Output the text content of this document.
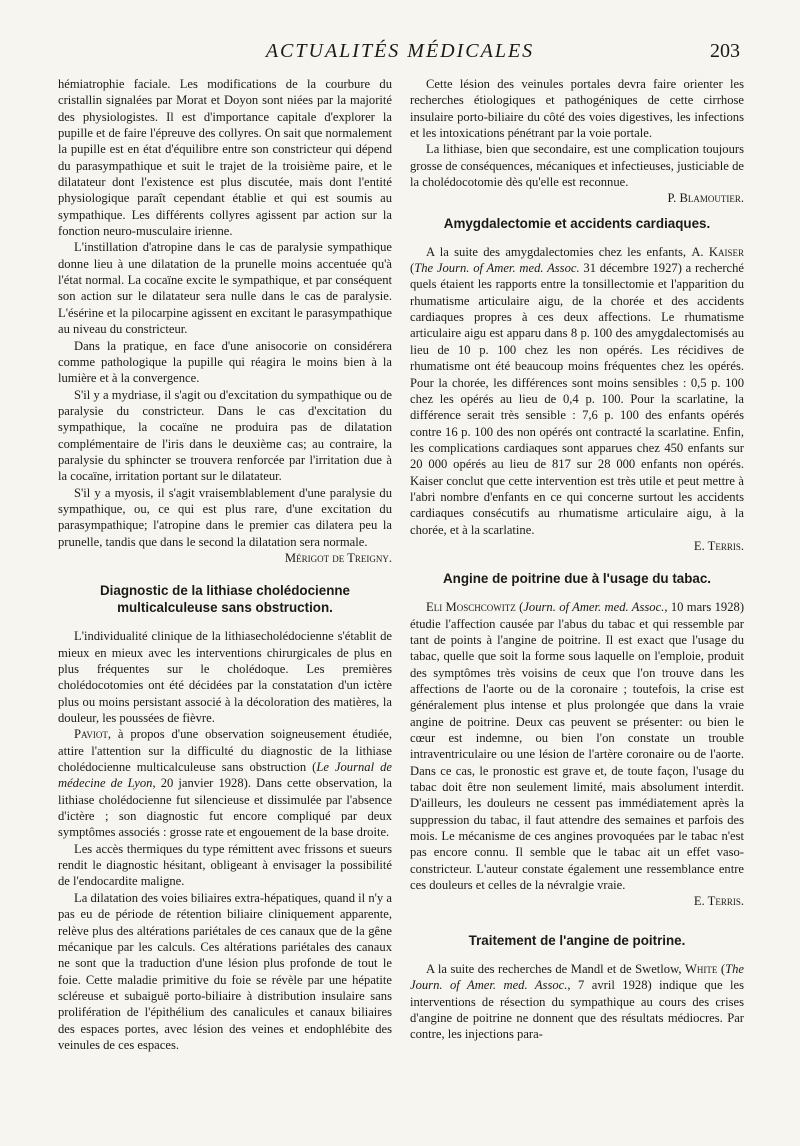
ACTUALITÉS MÉDICALES	203

hémiatrophie faciale. Les modifications de la courbure du cristallin signalées par Morat et Doyon sont niées par la majorité des physiologistes. Il est d'importance capitale d'explorer la pupille et de faire l'épreuve des collyres. On sait que normalement la pupille est en état d'équilibre entre son constricteur qui dépend du parasympathique et suit le trajet de la troisième paire, et le dilatateur dont l'existence est plus discutée, mais dont l'entité physiologique paraît cependant établie et qui est soumis au sympathique. Les différents collyres agissent par action sur la fonction neuro-musculaire irienne.

L'instillation d'atropine dans le cas de paralysie sympathique donne lieu à une dilatation de la prunelle moins accentuée qu'à l'état normal. La cocaïne excite le sympathique, et par conséquent son action sur le dilatateur sera nulle dans le cas de paralysie. L'ésérine et la pilocarpine agissent en excitant le parasympathique au niveau du constricteur.

Dans la pratique, en face d'une anisocorie on considérera comme pathologique la pupille qui réagira le moins bien à la lumière et à la convergence.

S'il y a mydriase, il s'agit ou d'excitation du sympathique ou de paralysie du constricteur. Dans le cas d'excitation du sympathique, la cocaïne ne produira pas de dilatation complémentaire de l'iris dans le deuxième cas; au contraire, la paralysie du sphincter se trouvera renforcée par l'irritation due à la cocaïne, irritation portant sur le dilatateur.

S'il y a myosis, il s'agit vraisemblablement d'une paralysie du sympathique, ou, ce qui est plus rare, d'une excitation du parasympathique; l'atropine dans le premier cas dilatera peu la prunelle, tandis que dans le second la dilatation sera normale.

Mérigot de Treigny.

Diagnostic de la lithiase cholédocienne multicalculeuse sans obstruction.

L'individualité clinique de la lithiasecholédocienne s'établit de mieux en mieux avec les interventions chirurgicales de plus en plus fréquentes sur le cholédoque. Les premières cholédocotomies ont été décidées par la constatation d'un ictère plus ou moins persistant associé à la décoloration des matières, la douleur, les poussées de fièvre.

Paviot, à propos d'une observation soigneusement étudiée, attire l'attention sur la difficulté du diagnostic de la lithiase cholédocienne multicalculeuse sans obstruction (Le Journal de médecine de Lyon, 20 janvier 1928). Dans cette observation, la lithiase cholédocienne fut silencieuse et dissimulée par l'absence d'ictère ; son diagnostic fut encore compliqué par deux symptômes associés : grosse rate et engouement de la base droite.

Les accès thermiques du type rémittent avec frissons et sueurs rendit le diagnostic hésitant, obligeant à envisager la possibilité de l'endocardite maligne.

La dilatation des voies biliaires extra-hépatiques, quand il n'y a pas eu de période de rétention biliaire cliniquement apparente, relève plus des altérations pariétales de ces canaux que de la gêne mécanique par les calculs. Ces altérations pariétales des canaux ne sont que la traduction d'une lésion plus profonde de tout le foie. Cette maladie primitive du foie se révèle par une hépatite scléreuse et subaiguë porto-biliaire à distribution insulaire sans prolifération de l'épithélium des canalicules et canaux biliaires des espaces portes, avec lésion des veines et endophlébite des veinules de ces espaces.

Cette lésion des veinules portales devra faire orienter les recherches étiologiques et pathogéniques de cette cirrhose insulaire porto-biliaire du côté des voies digestives, les infections et les intoxications pénétrant par la voie portale.

La lithiase, bien que secondaire, est une complication toujours grosse de conséquences, mécaniques et infectieuses, justiciable de la cholédocotomie dès qu'elle est reconnue.

P. Blamoutier.

Amygdalectomie et accidents cardiaques.

A la suite des amygdalectomies chez les enfants, A. Kaiser (The Journ. of Amer. med. Assoc. 31 décembre 1927) a recherché quels étaient les rapports entre la tonsillectomie et l'apparition du rhumatisme articulaire aigu, de la chorée et des accidents cardiaques propres à ces deux affections. Le rhumatisme articulaire aigu est apparu dans 8 p. 100 des amygdalectomisés au lieu de 10 p. 100 chez les non opérés. Les récidives de rhumatisme ont été beaucoup moins fréquentes chez les opérés. Pour la chorée, les différences sont moins sensibles : 0,5 p. 100 chez les opérés au lieu de 0,4 p. 100. Pour la scarlatine, la différence serait très sensible : 7,6 p. 100 des enfants opérés contre 16 p. 100 des non opérés ont contracté la scarlatine. Enfin, les complications cardiaques sont apparues chez 450 enfants sur 20 000 opérés au lieu de 817 sur 28 000 enfants non opérés. Kaiser conclut que cette intervention est très utile et peut mettre à l'abri nombre d'enfants en ce qui concerne surtout les accidents cardiaques consécutifs au rhumatisme articulaire aigu, à la chorée, et à la scarlatine.

E. Terris.

Angine de poitrine due à l'usage du tabac.

Eli Moschcowitz (Journ. of Amer. med. Assoc., 10 mars 1928) étudie l'affection causée par l'abus du tabac et qui ressemble par tant de points à l'angine de poitrine. Il est exact que l'usage du tabac, quelle que soit la forme sous laquelle on l'emploie, produit des symptômes très voisins de ceux que l'on trouve dans les affections de l'aorte ou de la coronaire ; toutefois, la crise est généralement plus intense et plus prolongée que dans la vraie angine de poitrine. Deux cas peuvent se présenter: ou bien le cœur est indemne, ou bien l'on constate un trouble intraventriculaire ou une lésion de l'artère coronaire ou de l'aorte. Dans ce cas, le pronostic est grave et, de toute façon, l'usage du tabac doit être non seulement limité, mais absolument interdit. D'ailleurs, les douleurs ne cessent pas immédiatement après la suppression du tabac, il faut attendre des semaines et parfois des mois. Le mécanisme de ces angines provoquées par le tabac n'est pas encore connu. Il semble que le tabac ait un effet vaso-constricteur. L'auteur constate également une ressemblance entre ces douleurs et celles de la névralgie vraie.

E. Terris.

Traitement de l'angine de poitrine.

A la suite des recherches de Mandl et de Swetlow, White (The Journ. of Amer. med. Assoc., 7 avril 1928) indique que les interventions de résection du sympathique au cours des crises d'angine de poitrine ne donnent que des résultats médiocres. Par contre, les injections para-
